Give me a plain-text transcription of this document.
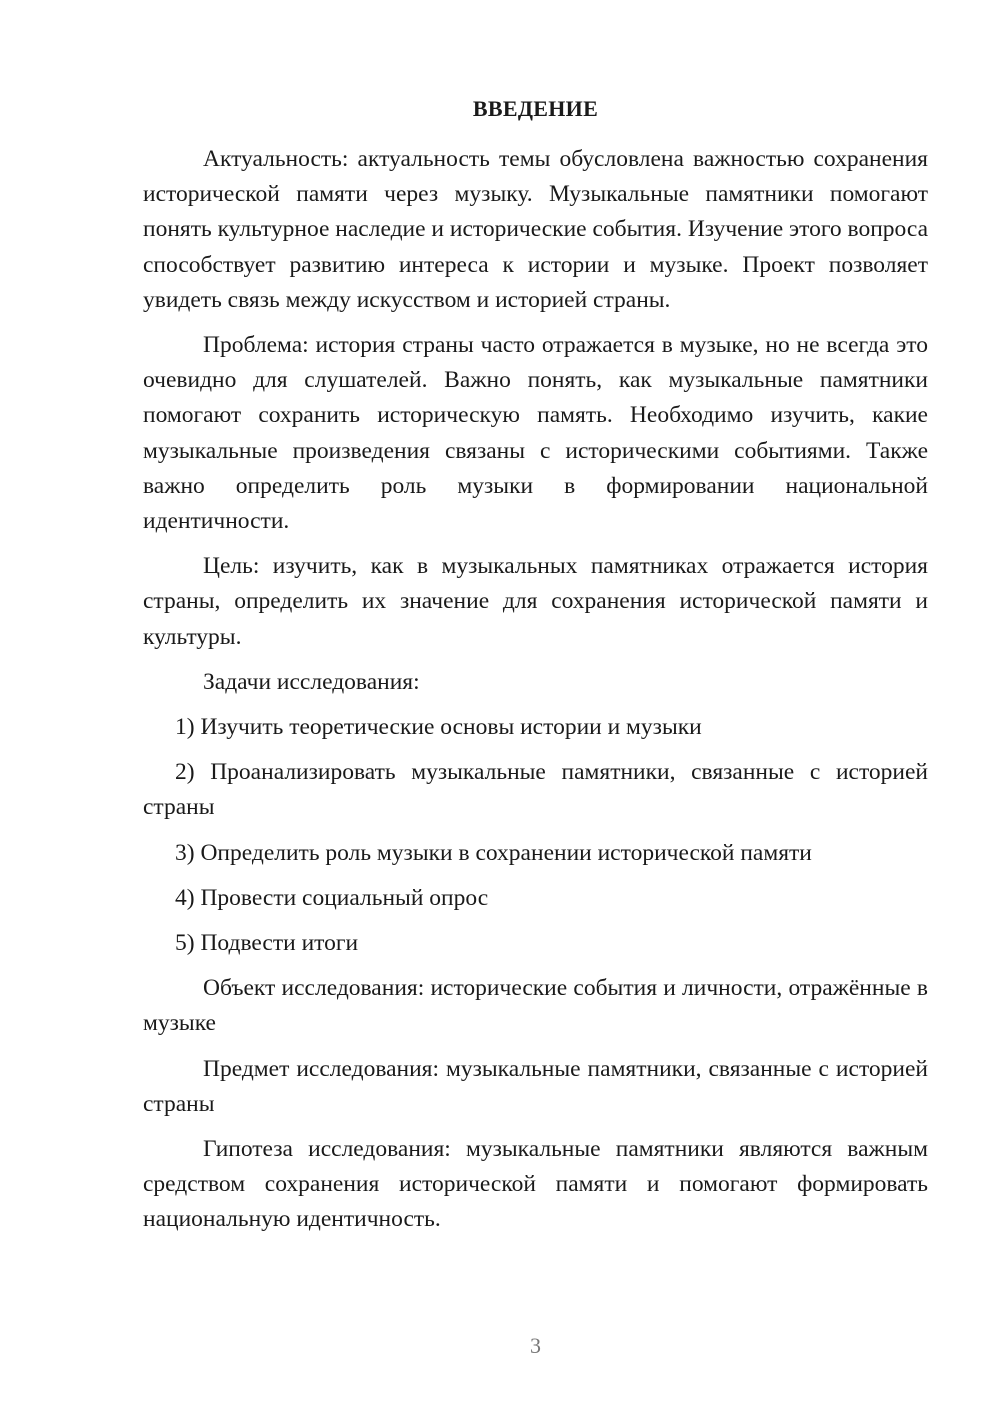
ВВЕДЕНИЕ

Актуальность: актуальность темы обусловлена важностью сохранения исторической памяти через музыку. Музыкальные памятники помогают понять культурное наследие и исторические события. Изучение этого вопроса способствует развитию интереса к истории и музыке. Проект позволяет увидеть связь между искусством и историей страны.

Проблема: история страны часто отражается в музыке, но не всегда это очевидно для слушателей. Важно понять, как музыкальные памятники помогают сохранить историческую память. Необходимо изучить, какие музыкальные произведения связаны с историческими событиями. Также важно определить роль музыки в формировании национальной идентичности.

Цель: изучить, как в музыкальных памятниках отражается история страны, определить их значение для сохранения исторической памяти и культуры.

Задачи исследования:

1) Изучить теоретические основы истории и музыки

2) Проанализировать музыкальные памятники, связанные с историей страны

3) Определить роль музыки в сохранении исторической памяти

4) Провести социальный опрос

5) Подвести итоги

Объект исследования: исторические события и личности, отражённые в музыке

Предмет исследования: музыкальные памятники, связанные с историей страны

Гипотеза исследования: музыкальные памятники являются важным средством сохранения исторической памяти и помогают формировать национальную идентичность.

3
